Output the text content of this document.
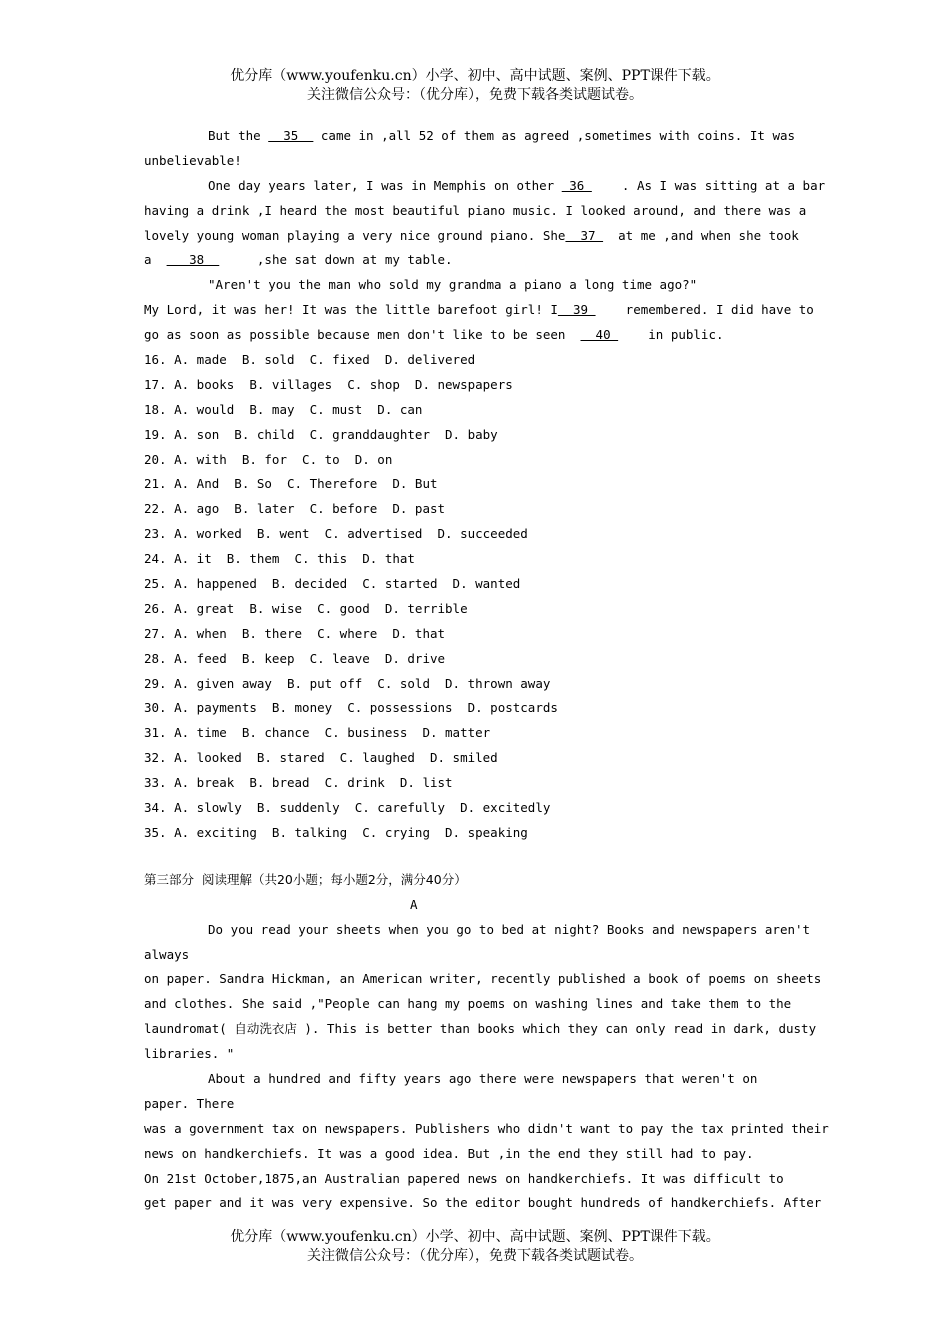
优分库（www.youfenku.cn）小学、初中、高中试题、案例、PPT课件下载。
关注微信公众号：（优分库），免费下载各类试题试卷。
But the   35   came in ,all 52 of them as agreed ,sometimes with coins. It was
unbelievable!
One day years later, I was in Memphis on other  36     . As I was sitting at a bar
having a drink ,I heard the most beautiful piano music. I looked around, and there was a
lovely young woman playing a very nice ground piano. She  37   at me ,and when she took
a     38       ,she sat down at my table.
"Aren't you the man who sold my grandma a piano a long time ago?"
My Lord, it was her! It was the little barefoot girl! I  39     remembered. I did have to
go as soon as possible because men don't like to be seen    40     in public.
16. A. made  B. sold  C. fixed  D. delivered
17. A. books  B. villages  C. shop  D. newspapers
18. A. would  B. may  C. must  D. can
19. A. son  B. child  C. granddaughter  D. baby
20. A. with  B. for  C. to  D. on
21. A. And  B. So  C. Therefore  D. But
22. A. ago  B. later  C. before  D. past
23. A. worked  B. went  C. advertised  D. succeeded
24. A. it  B. them  C. this  D. that
25. A. happened  B. decided  C. started  D. wanted
26. A. great  B. wise  C. good  D. terrible
27. A. when  B. there  C. where  D. that
28. A. feed  B. keep  C. leave  D. drive
29. A. given away  B. put off  C. sold  D. thrown away
30. A. payments  B. money  C. possessions  D. postcards
31. A. time  B. chance  C. business  D. matter
32. A. looked  B. stared  C. laughed  D. smiled
33. A. break  B. bread  C. drink  D. list
34. A. slowly  B. suddenly  C. carefully  D. excitedly
35. A. exciting  B. talking  C. crying  D. speaking
第三部分  阅读理解（共20小题；每小题2分，满分40分）
A
Do you read your sheets when you go to bed at night? Books and newspapers aren't
always
on paper. Sandra Hickman, an American writer, recently published a book of poems on sheets
and clothes. She said ,"People can hang my poems on washing lines and take them to the
laundromat( 自动洗衣店 ). This is better than books which they can only read in dark, dusty
libraries. "
About a hundred and fifty years ago there were newspapers that weren't on
paper. There
was a government tax on newspapers. Publishers who didn't want to pay the tax printed their
news on handkerchiefs. It was a good idea. But ,in the end they still had to pay.
On 21st October,1875,an Australian papered news on handkerchiefs. It was difficult to
get paper and it was very expensive. So the editor bought hundreds of handkerchiefs. After
优分库（www.youfenku.cn）小学、初中、高中试题、案例、PPT课件下载。
关注微信公众号：（优分库），免费下载各类试题试卷。
